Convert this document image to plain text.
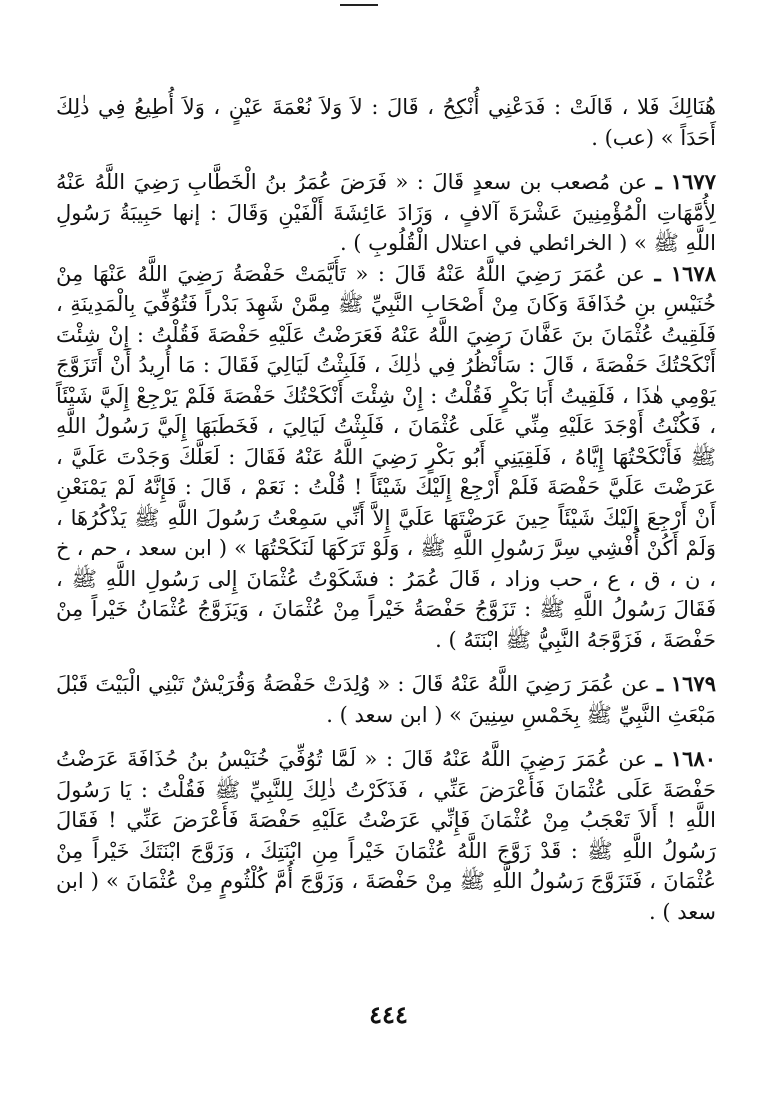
هُنَالِكَ فَلا ، قَالَتْ : فَدَعْنِي أُنْكِحُ ، قَالَ : لاَ وَلاَ نُعْمَةَ عَيْنٍ ، وَلاَ أُطِيعُ فِي ذٰلِكَ أَحَدَاً » (عب) .

١٦٧٧ ـ عن مُصعب بن سعدٍ قَالَ : « فَرَضَ عُمَرُ بنُ الْخَطَّابِ رَضِيَ اللَّهُ عَنْهُ لِأُمَّهَاتِ الْمُؤْمِنِينَ عَشْرَةَ آلافٍ ، وَزَادَ عَائِشَةَ أَلْفَيْنِ وَقَالَ : إنها حَبِيبَةُ رَسُولِ اللَّهِ ﷺ » ( الخرائطي في اعتلال الْقُلُوبِ ) .

١٦٧٨ ـ عن عُمَرَ رَضِيَ اللَّهُ عَنْهُ قَالَ : « تَأَيَّمَتْ حَفْصَةُ رَضِيَ اللَّهُ عَنْهَا مِنْ خُنَيْسِ بنِ حُذَافَةَ وَكَانَ مِنْ أَصْحَابِ النَّبِيِّ ﷺ مِمَّنْ شَهِدَ بَدْراً فَتُوُفِّيَ بِالْمَدِينَةِ ، فَلَقِيتُ عُثْمَانَ بنَ عَفَّانَ رَضِيَ اللَّهُ عَنْهُ فَعَرَضْتُ عَلَيْهِ حَفْصَةَ فَقُلْتُ : إِنْ شِئْتَ أَنْكَحْتُكَ حَفْصَةَ ، قَالَ : سَأَنْظُرُ فِي ذٰلِكَ ، فَلَبِثْتُ لَيَالِيَ فَقَالَ : مَا أُرِيدُ أَنْ أَتَزَوَّجَ يَوْمِي هٰذَا ، فَلَقِيتُ أَبَا بَكْرٍ فَقُلْتُ : إِنْ شِئْتَ أَنْكَحْتُكَ حَفْصَةَ فَلَمْ يَرْجِعْ إِلَيَّ شَيْئَاً ، فَكُنْتُ أَوْجَدَ عَلَيْهِ مِنِّي عَلَى عُثْمَانَ ، فَلَبِثْتُ لَيَالِيَ ، فَخَطَبَهَا إِلَيَّ رَسُولُ اللَّهِ ﷺ فَأَنْكَحْتُهَا إِيَّاهُ ، فَلَقِيَنِي أَبُو بَكْرٍ رَضِيَ اللَّهُ عَنْهُ فَقَالَ : لَعَلَّكَ وَجَدْتَ عَلَيَّ ، عَرَضْتَ عَلَيَّ حَفْصَةَ فَلَمْ أَرْجِعْ إِلَيْكَ شَيْئَاً ! قُلْتُ : نَعَمْ ، قَالَ : فَإِنَّهُ لَمْ يَمْنَعْنِ أَنْ أَرْجِعَ إِلَيْكَ شَيْئَاً حِينَ عَرَضْتَهَا عَلَيَّ إِلاَّ أَنِّي سَمِعْتُ رَسُولَ اللَّهِ ﷺ يَذْكُرُهَا ، وَلَمْ أَكُنْ أُفْشِي سِرَّ رَسُولِ اللَّهِ ﷺ ، وَلَوْ تَرَكَهَا لَنَكَحْتُهَا » ( ابن سعد ، حم ، خ ، ن ، ق ، ع ، حب وزاد ، قَالَ عُمَرُ : فشَكَوْتُ عُثْمَانَ إِلى رَسُولِ اللَّهِ ﷺ ، فَقَالَ رَسُولُ اللَّهِ ﷺ : تَزَوَّجُ حَفْصَةُ خَيْراً مِنْ عُثْمَانَ ، وَيَزَوَّجُ عُثْمَانُ خَيْراً مِنْ حَفْصَةَ ، فَزَوَّجَهُ النَّبِيُّ ﷺ ابْنَتَهُ ) .

١٦٧٩ ـ عن عُمَرَ رَضِيَ اللَّهُ عَنْهُ قَالَ : « وُلِدَتْ حَفْصَةُ وَقُرَيْشٌ تَبْنِي الْبَيْتَ قَبْلَ مَبْعَثِ النَّبِيِّ ﷺ بِخَمْسِ سِنِينَ » ( ابن سعد ) .

١٦٨٠ ـ عن عُمَرَ رَضِيَ اللَّهُ عَنْهُ قَالَ : « لَمَّا تُوُفِّيَ خُنَيْسُ بنُ حُذَافَةَ عَرَضْتُ حَفْصَةَ عَلَى عُثْمَانَ فَأَعْرَضَ عَنِّي ، فَذَكَرْتُ ذٰلِكَ لِلنَّبِيِّ ﷺ فَقُلْتُ : يَا رَسُولَ اللَّهِ ! أَلاَ تَعْجَبُ مِنْ عُثْمَانَ فَإِنِّي عَرَضْتُ عَلَيْهِ حَفْصَةَ فَأَعْرَضَ عَنِّي ! فَقَالَ رَسُولُ اللَّهِ ﷺ : قَدْ زَوَّجَ اللَّهُ عُثْمَانَ خَيْراً مِنِ ابْنَتِكَ ، وَزَوَّجَ ابْنَتَكَ خَيْراً مِنْ عُثْمَانَ ، فَتَزَوَّجَ رَسُولُ اللَّهِ ﷺ مِنْ حَفْصَةَ ، وَزَوَّجَ أُمَّ كُلْثُومٍ مِنْ عُثْمَانَ » ( ابن سعد ) .

٤٤٤
